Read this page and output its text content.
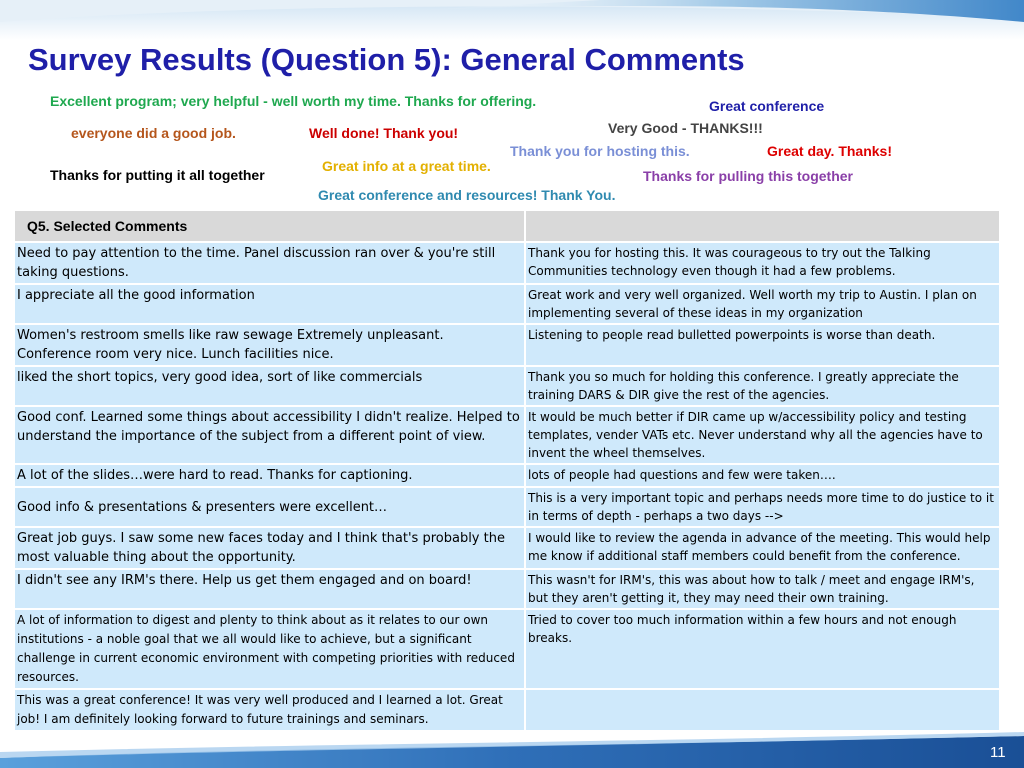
Survey Results (Question 5): General Comments
Excellent program; very helpful - well worth my time. Thanks for offering.	Great conference
everyone did a good job.	Well done! Thank you!	Very Good - THANKS!!!
Thank you for hosting this.	Great day. Thanks!
Great info at a great time.
Thanks for putting it all together	Thanks for pulling this together
Great conference and resources! Thank You.
Q5. Selected Comments	
Need to pay attention to the time. Panel discussion ran over & you're still taking questions.	Thank you for hosting this. It was courageous to try out the Talking Communities technology even though it had a few problems.
I appreciate all the good information	Great work and very well organized. Well worth my trip to Austin. I plan on implementing several of these ideas in my organization
Women's restroom smells like raw sewage Extremely unpleasant. Conference room very nice. Lunch facilities nice.	Listening to people read bulletted powerpoints is worse than death.
liked the short topics, very good idea, sort of like commercials	Thank you so much for holding this conference. I greatly appreciate the training DARS & DIR give the rest of the agencies.
Good conf. Learned some things about accessibility I didn't realize. Helped to understand the importance of the subject from a different point of view.	It would be much better if DIR came up w/accessibility policy and testing templates, vender VATs etc. Never understand why all the agencies have to invent the wheel themselves.
A lot of the slides…were hard to read. Thanks for captioning.	lots of people had questions and few were taken….
Good info & presentations & presenters were excellent…	This is a very important topic and perhaps needs more time to do justice to it in terms of depth - perhaps a two days -->
Great job guys. I saw some new faces today and I think that's probably the most valuable thing about the opportunity.	I would like to review the agenda in advance of the meeting. This would help me know if additional staff members could benefit from the conference.
I didn't see any IRM's there. Help us get them engaged and on board!	This wasn't for IRM's, this was about how to talk / meet and engage IRM's, but they aren't getting it, they may need their own training.
A lot of information to digest and plenty to think about as it relates to our own institutions - a noble goal that we all would like to achieve, but a significant challenge in current economic environment with competing priorities with reduced resources.	Tried to cover too much information within a few hours and not enough breaks.
This was a great conference! It was very well produced and I learned a lot. Great job! I am definitely looking forward to future trainings and seminars.	
11
